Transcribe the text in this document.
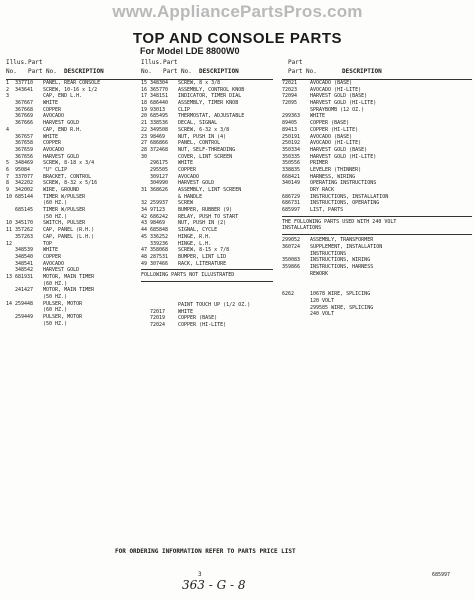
www.AppliancePartsPros.com
TOP AND CONSOLE PARTS
For Model LDE 8800W0
Illus. Part
No. Part No. DESCRIPTION
1	337710	PANEL, REAR CONSOLE
2	343641	SCREW, 10-16 x 1/2
3	CAP, END L.H.
367667	WHITE
367668	COPPER
367669	AVOCADO
367666	HARVEST GOLD
4	CAP, END R.H.
367657	WHITE
367658	COPPER
367659	AVOCADO
367656	HARVEST GOLD
5	348469	SCREW, 8-18 x 3/4
6	95084	"U" CLIP
7	337077	BRACKET, CONTROL
8	342202	SCREW, 8-32 x 5/16
9	342002	WIRE, GROUND
10 685144	TIMER W/PULSER
(60 HZ.)
685145	TIMER W/PULSER
(50 HZ.)
10 345170	SWITCH, PULSER
11 357262	CAP, PANEL (R.H.)
357263	CAP, PANEL (L.H.)
12	TOP
348539	WHITE
348540	COPPER
348541	AVOCADO
348542	HARVEST GOLD
13 681931	MOTOR, MAIN TIMER
(60 HZ.)
241427	MOTOR, MAIN TIMER
(50 HZ.)
14 259448	PULSER, MOTOR
(60 HZ.)
259449	PULSER, MOTOR
(50 HZ.)
Illus. Part
No. Part No. DESCRIPTION
15 348304	SCREW, 8 x 3/8
16 365770	ASSEMBLY, CONTROL KNOB
17 348151	INDICATOR, TIMER DIAL
18 686440	ASSEMBLY, TIMER KNOB
19 93013	CLIP
20 685495	THERMOSTAT, ADJUSTABLE
21 338536	DECAL, SIGNAL
22 349508	SCREW, 6-32 x 3/8
23 98469	NUT, PUSH IN (4)
27 686866	PANEL, CONTROL
28 372468	NUT, SELF-THREADING
30	COVER, LINT SCREEN
296175	WHITE
295505	COPPER
309127	AVOCADO
304990	HARVEST GOLD
31 368626	ASSEMBLY, LINT SCREEN
& HANDLE
32 259937	SCREW
34 97123	BUMPER, RUBBER (9)
42 686242	RELAY, PUSH TO START
43 98469	NUT, PUSH IN (2)
44 685848	SIGNAL, CYCLE
45 336252	HINGE, R.H.
339236	HINGE, L.H.
47 358068	SCREW, 8-15 x 7/8
48 287531	BUMPER, LINT LID
49 307466	RACK, LITERATURE
FOLLOWING PARTS NOT ILLUSTRATED
PAINT TOUCH UP (1/2 OZ.)
72017	WHITE
72019	COPPER (BASE)
72024	COPPER (HI-LITE)
Part
Part No.	DESCRIPTION
72021	AVOCADO (BASE)
72023	AVOCADO (HI-LITE)
72094	HARVEST GOLD (BASE)
72095	HARVEST GOLD (HI-LITE)
SPRAYBOMB (12 OZ.)
299363	WHITE
89405	COPPER (BASE)
89413	COPPER (HI-LITE)
250191	AVOCADO (BASE)
250192	AVOCADO (HI-LITE)
350334	HARVEST GOLD (BASE)
350335	HARVEST GOLD (HI-LITE)
350556	PRIMER
338835	LEVELER (THINNER)
668421	HARNESS, WIRING
340149	OPERATING INSTRUCTIONS
DRY RACK
686729	INSTRUCTIONS, INSTALLATION
686731	INSTRUCTIONS, OPERATING
685997	LIST, PARTS
THE FOLLOWING PARTS USED WITH 240 VOLT INSTALLATIONS
299052	ASSEMBLY, TRANSFORMER
360724	SUPPLEMENT, INSTALLATION
INSTRUCTIONS
350083	INSTRUCTIONS, WIRING
359866	INSTRUCTIONS, HARNESS
REWORK
6262	10678 WIRE, SPLICING
120 VOLT
299585 WIRE, SPLICING
240 VOLT
FOR ORDERING INFORMATION REFER TO PARTS PRICE LIST
3
363 - G - 8
685997
